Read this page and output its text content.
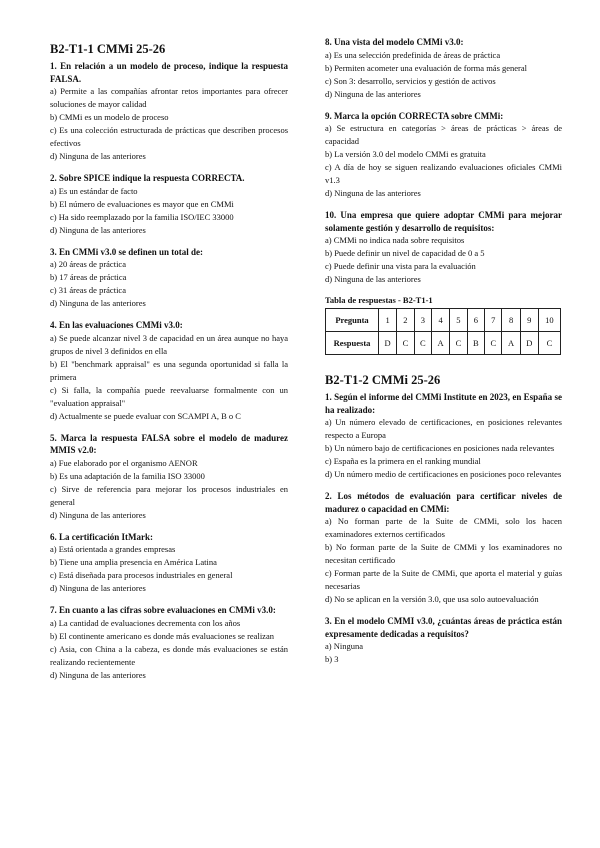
B2-T1-1 CMMi 25-26
1. En relación a un modelo de proceso, indique la respuesta FALSA.
a) Permite a las compañías afrontar retos importantes para ofrecer soluciones de mayor calidad
b) CMMi es un modelo de proceso
c) Es una colección estructurada de prácticas que describen procesos efectivos
d) Ninguna de las anteriores
2. Sobre SPICE indique la respuesta CORRECTA.
a) Es un estándar de facto
b) El número de evaluaciones es mayor que en CMMi
c) Ha sido reemplazado por la familia ISO/IEC 33000
d) Ninguna de las anteriores
3. En CMMi v3.0 se definen un total de:
a) 20 áreas de práctica
b) 17 áreas de práctica
c) 31 áreas de práctica
d) Ninguna de las anteriores
4. En las evaluaciones CMMi v3.0:
a) Se puede alcanzar nivel 3 de capacidad en un área aunque no haya grupos de nivel 3 definidos en ella
b) El "benchmark appraisal" es una segunda oportunidad si falla la primera
c) Si falla, la compañía puede reevaluarse formalmente con un "evaluation appraisal"
d) Actualmente se puede evaluar con SCAMPI A, B o C
5. Marca la respuesta FALSA sobre el modelo de madurez MMIS v2.0:
a) Fue elaborado por el organismo AENOR
b) Es una adaptación de la familia ISO 33000
c) Sirve de referencia para mejorar los procesos industriales en general
d) Ninguna de las anteriores
6. La certificación ItMark:
a) Está orientada a grandes empresas
b) Tiene una amplia presencia en América Latina
c) Está diseñada para procesos industriales en general
d) Ninguna de las anteriores
7. En cuanto a las cifras sobre evaluaciones en CMMi v3.0:
a) La cantidad de evaluaciones decrementa con los años
b) El continente americano es donde más evaluaciones se realizan
c) Asia, con China a la cabeza, es donde más evaluaciones se están realizando recientemente
d) Ninguna de las anteriores
8. Una vista del modelo CMMi v3.0:
a) Es una selección predefinida de áreas de práctica
b) Permiten acometer una evaluación de forma más general
c) Son 3: desarrollo, servicios y gestión de activos
d) Ninguna de las anteriores
9. Marca la opción CORRECTA sobre CMMi:
a) Se estructura en categorías > áreas de prácticas > áreas de capacidad
b) La versión 3.0 del modelo CMMi es gratuita
c) A día de hoy se siguen realizando evaluaciones oficiales CMMi v1.3
d) Ninguna de las anteriores
10. Una empresa que quiere adoptar CMMi para mejorar solamente gestión y desarrollo de requisitos:
a) CMMi no indica nada sobre requisitos
b) Puede definir un nivel de capacidad de 0 a 5
c) Puede definir una vista para la evaluación
d) Ninguna de las anteriores
Tabla de respuestas - B2-T1-1
Pregunta	1	2	3	4	5	6	7	8	9	10
Respuesta	D	C	C	A	C	B	C	A	D	C
B2-T1-2 CMMi 25-26
1. Según el informe del CMMi Institute en 2023, en España se ha realizado:
a) Un número elevado de certificaciones, en posiciones relevantes respecto a Europa
b) Un número bajo de certificaciones en posiciones nada relevantes
c) España es la primera en el ranking mundial
d) Un número medio de certificaciones en posiciones poco relevantes
2. Los métodos de evaluación para certificar niveles de madurez o capacidad en CMMi:
a) No forman parte de la Suite de CMMi, solo los hacen examinadores externos certificados
b) No forman parte de la Suite de CMMi y los examinadores no necesitan certificado
c) Forman parte de la Suite de CMMi, que aporta el material y guías necesarias
d) No se aplican en la versión 3.0, que usa solo autoevaluación
3. En el modelo CMMI v3.0, ¿cuántas áreas de práctica están expresamente dedicadas a requisitos?
a) Ninguna
b) 3
